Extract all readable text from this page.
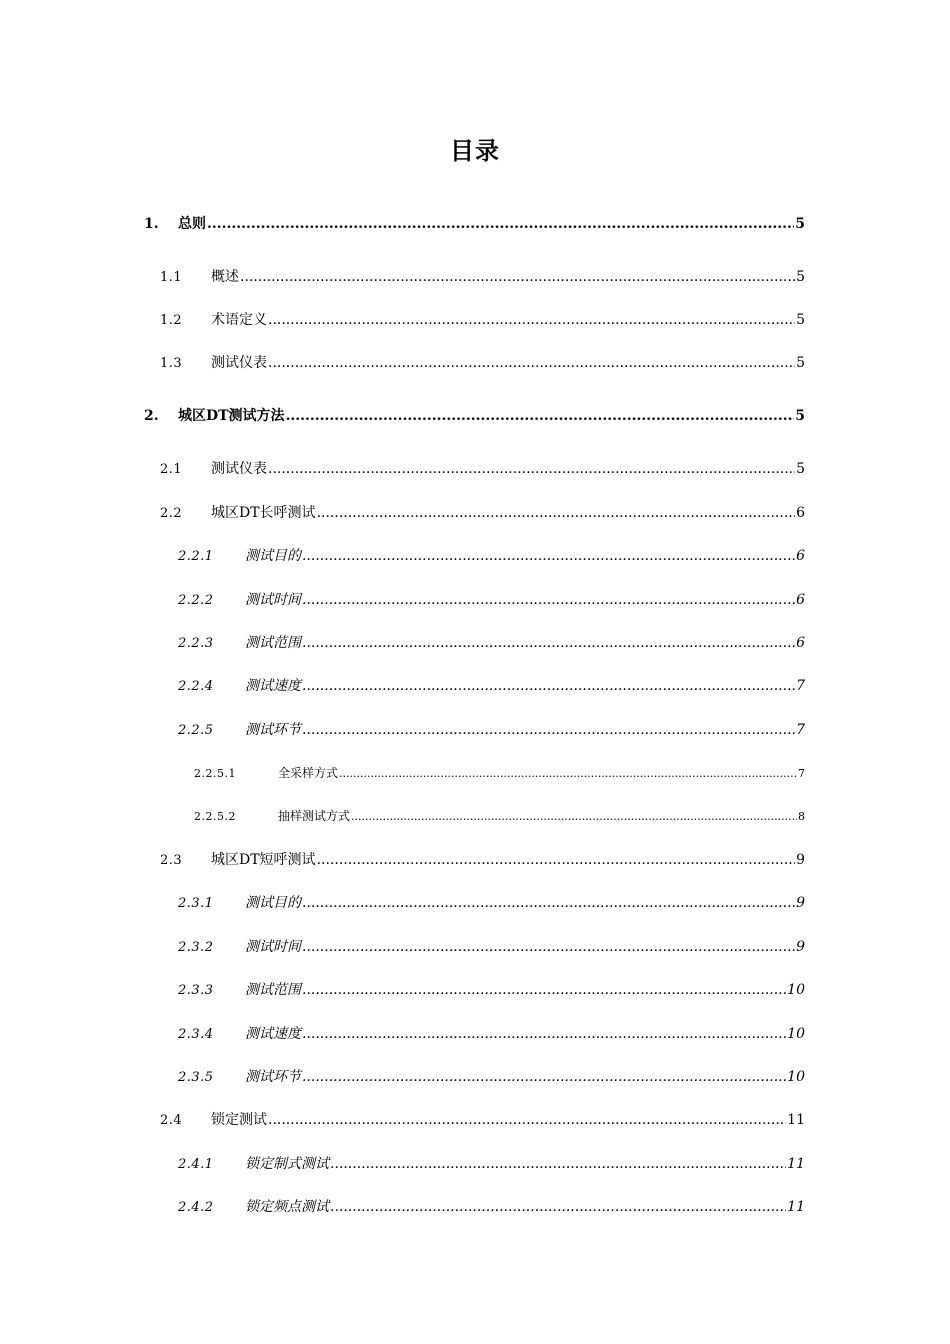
目录
1.	总则 .....	5
1.1	概述 .....	5
1.2	术语定义 .....	5
1.3	测试仪表 .....	5
2.	城区DT测试方法 .....	5
2.1	测试仪表 .....	5
2.2	城区DT长呼测试 .....	6
2.2.1	测试目的 .....	6
2.2.2	测试时间 .....	6
2.2.3	测试范围 .....	6
2.2.4	测试速度 .....	7
2.2.5	测试环节 .....	7
2.2.5.1	全采样方式 .....	7
2.2.5.2	抽样测试方式 .....	8
2.3	城区DT短呼测试 .....	9
2.3.1	测试目的 .....	9
2.3.2	测试时间 .....	9
2.3.3	测试范围 .....	10
2.3.4	测试速度 .....	10
2.3.5	测试环节 .....	10
2.4	锁定测试 .....	11
2.4.1	锁定制式测试 .....	11
2.4.2	锁定频点测试 .....	11
